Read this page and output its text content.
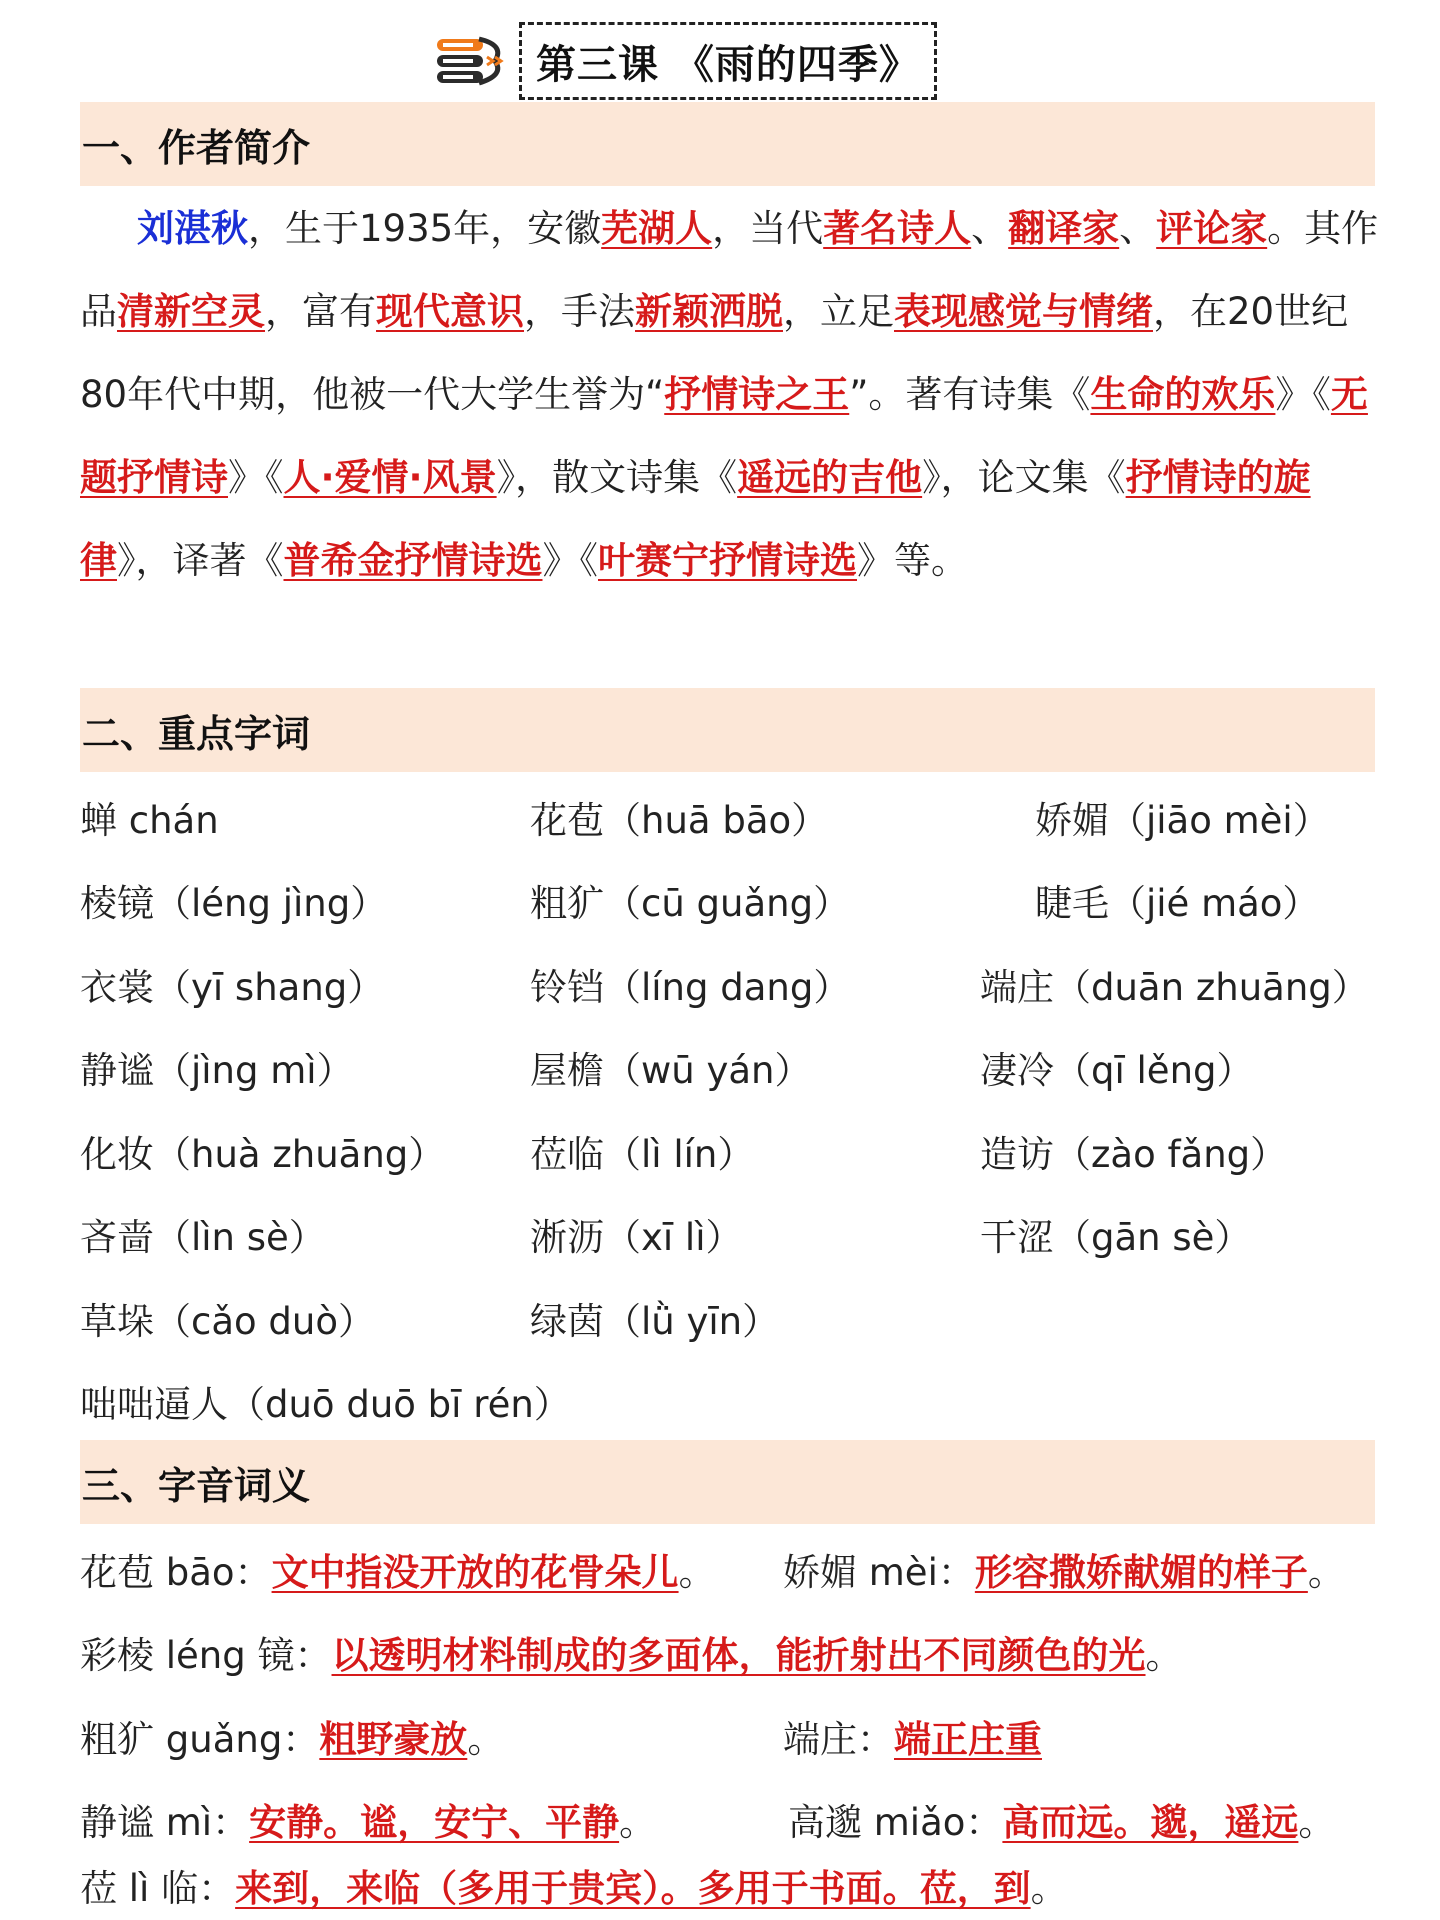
第三课 《雨的四季》
一、作者简介
刘湛秋，生于1935年，安徽芜湖人，当代著名诗人、翻译家、评论家。其作品清新空灵，富有现代意识，手法新颖洒脱，立足表现感觉与情绪，在20世纪80年代中期，他被一代大学生誉为“抒情诗之王”。著有诗集《生命的欢乐》《无题抒情诗》《人·爱情·风景》，散文诗集《遥远的吉他》，论文集《抒情诗的旋律》，译著《普希金抒情诗选》《叶赛宁抒情诗选》等。
二、重点字词
蝉 chán	花苞（huā bāo）	娇媚（jiāo mèi）
棱镜（léng jìng）	粗犷（cū guǎng）	睫毛（jié máo）
衣裳（yī shang）	铃铛（líng dang）	端庄（duān zhuāng）
静谧（jìng mì）	屋檐（wū yán）	凄冷（qī lěng）
化妆（huà zhuāng） 莅临（lì lín）	造访（zào fǎng）
吝啬（lìn sè）	淅沥（xī lì）	干涩（gān sè）
草垛（cǎo duò）	绿茵（lǜ yīn）
咄咄逼人（duō duō bī rén）
三、字音词义
花苞 bāo：文中指没开放的花骨朵儿。 娇媚 mèi：形容撒娇献媚的样子。
彩棱 léng 镜：以透明材料制成的多面体，能折射出不同颜色的光。
粗犷 guǎng：粗野豪放。	端庄：端正庄重
静谧 mì：安静。谧，安宁、平静。	高邈 miǎo：高而远。邈，遥远。
莅 lì 临：来到，来临（多用于贵宾）。多用于书面。莅，到。
